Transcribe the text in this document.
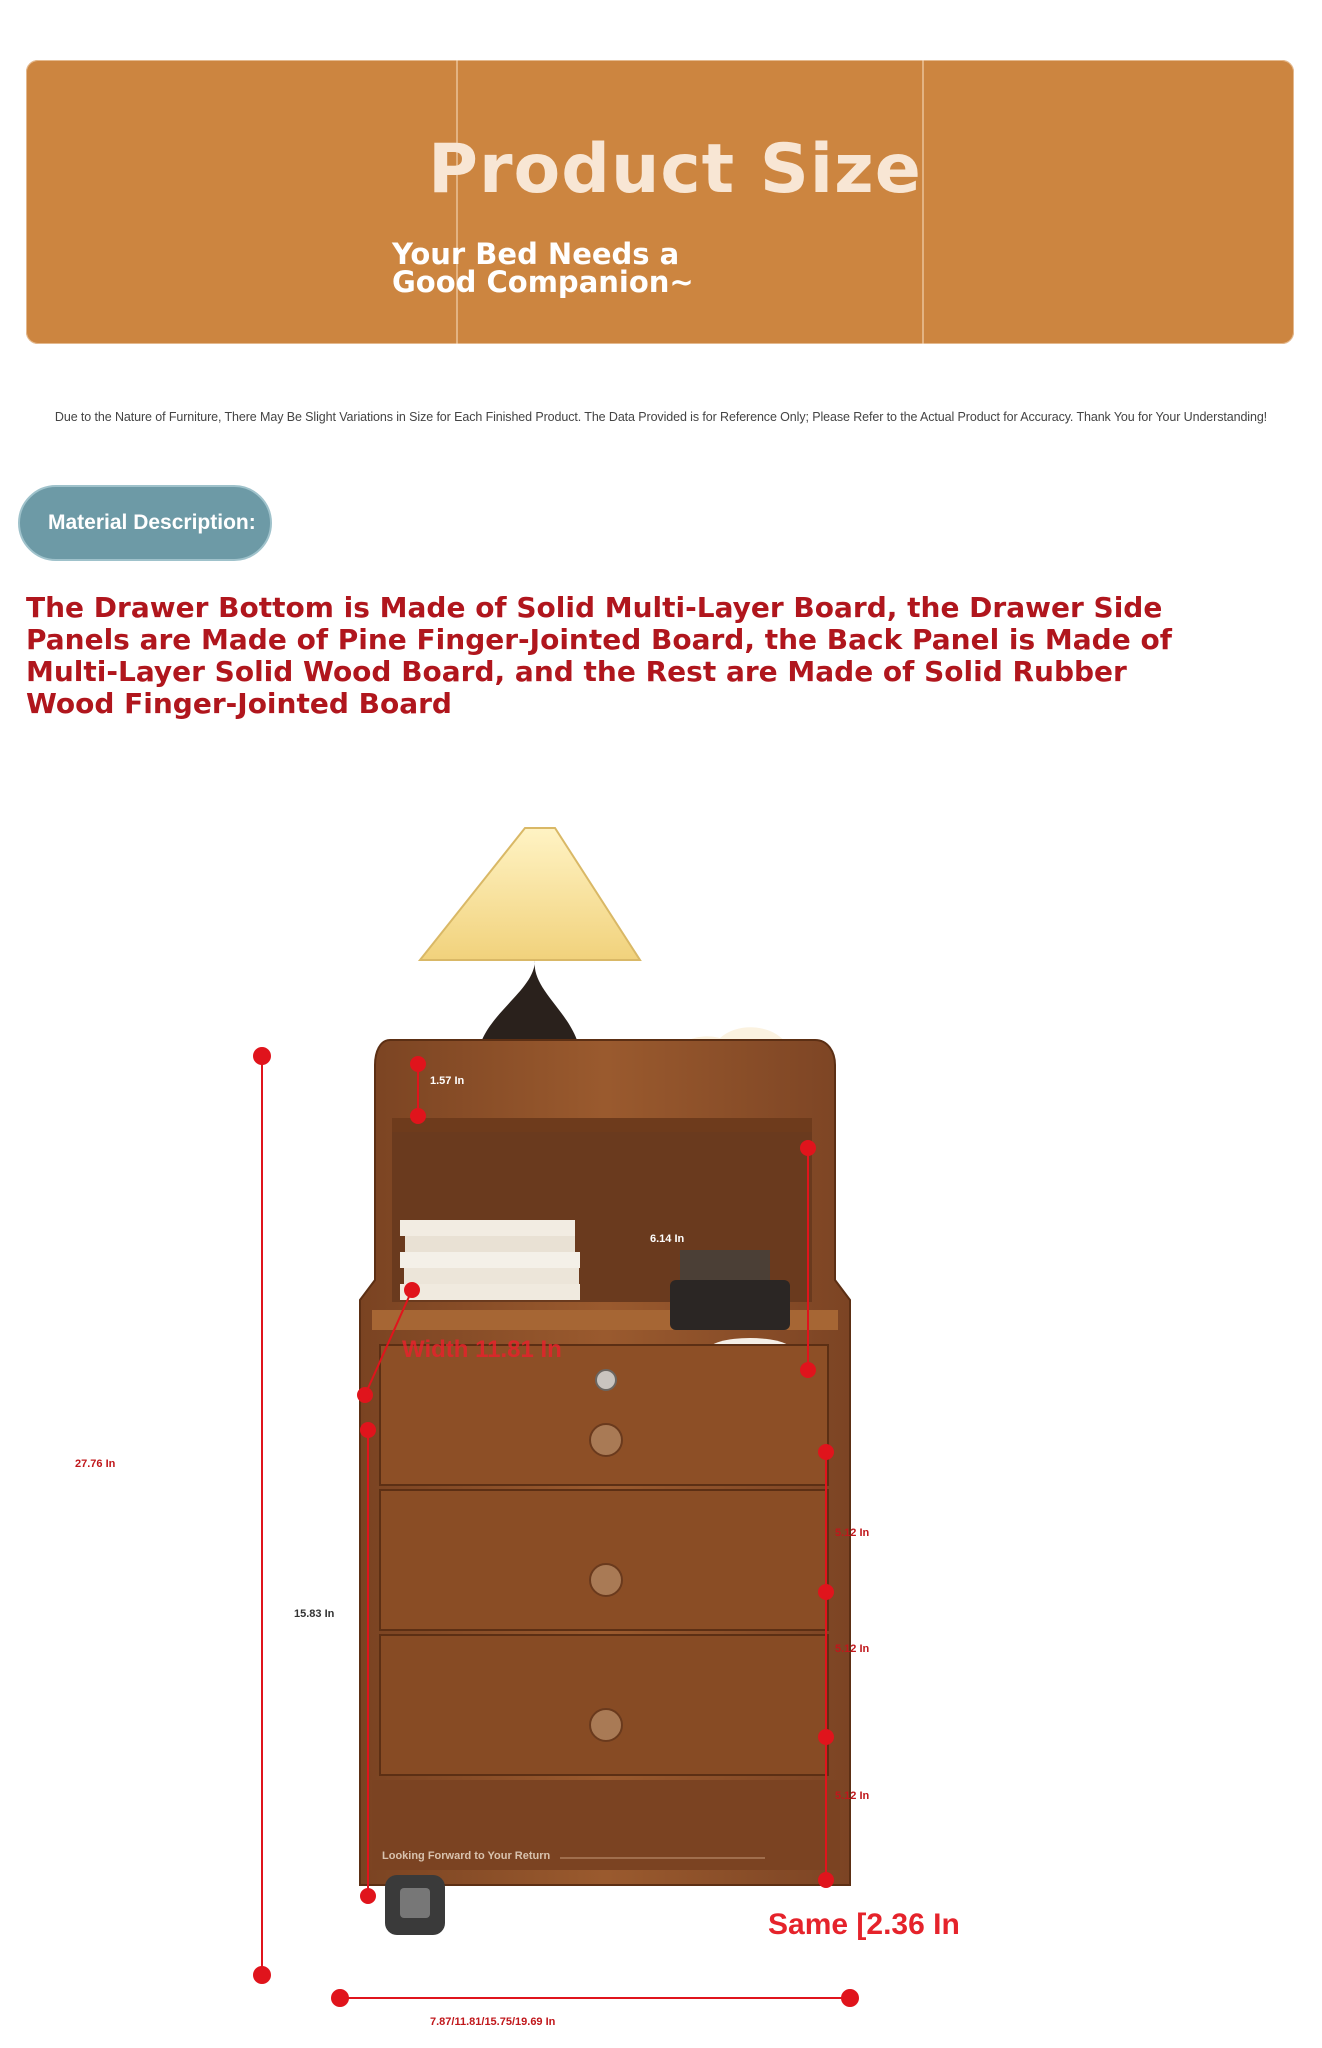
Product Size
Your Bed Needs a Good Companion~
Due to the Nature of Furniture, There May Be Slight Variations in Size for Each Finished Product. The Data Provided is for Reference Only; Please Refer to the Actual Product for Accuracy. Thank You for Your Understanding!
Material Description:
The Drawer Bottom is Made of Solid Multi-Layer Board, the Drawer Side Panels are Made of Pine Finger-Jointed Board, the Back Panel is Made of Multi-Layer Solid Wood Board, and the Rest are Made of Solid Rubber Wood Finger-Jointed Board
1.57 In
6.14 In
Width 11.81 In
27.76 In
15.83 In
5.12 In
5.12 In
5.12 In
Looking Forward to Your Return
Same [2.36 In
7.87/11.81/15.75/19.69 In
